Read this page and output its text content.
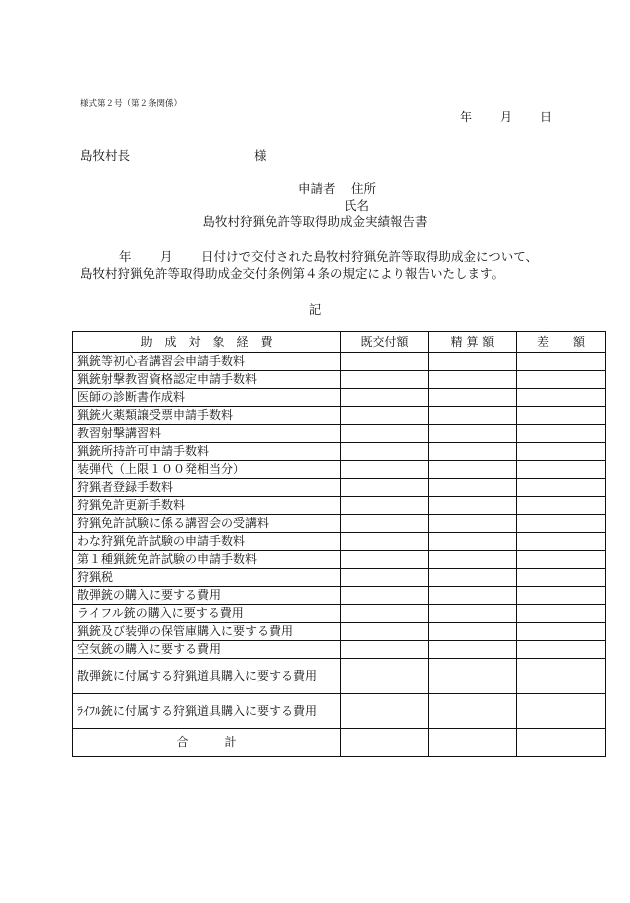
様式第２号（第２条関係）
年 月 日
島牧村長	様
申請者 住所
氏名
島牧村狩猟免許等取得助成金実績報告書
年 月 日付けで交付された島牧村狩猟免許等取得助成金について、
島牧村狩猟免許等取得助成金交付条例第４条の規定により報告いたします。
記
助　成　対　象　経　費	既交付額	精 算 額	差　　額
猟銃等初心者講習会申請手数料			
猟銃射撃教習資格認定申請手数料			
医師の診断書作成料			
猟銃火薬類譲受票申請手数料			
教習射撃講習料			
猟銃所持許可申請手数料			
装弾代（上限１００発相当分）			
狩猟者登録手数料			
狩猟免許更新手数料			
狩猟免許試験に係る講習会の受講料			
わな狩猟免許試験の申請手数料			
第１種猟銃免許試験の申請手数料			
狩猟税			
散弾銃の購入に要する費用			
ライフル銃の購入に要する費用			
猟銃及び装弾の保管庫購入に要する費用			
空気銃の購入に要する費用			
散弾銃に付属する狩猟道具購入に要する費用			
ﾗｲﾌﾙ銃に付属する狩猟道具購入に要する費用			
合　　　計			
